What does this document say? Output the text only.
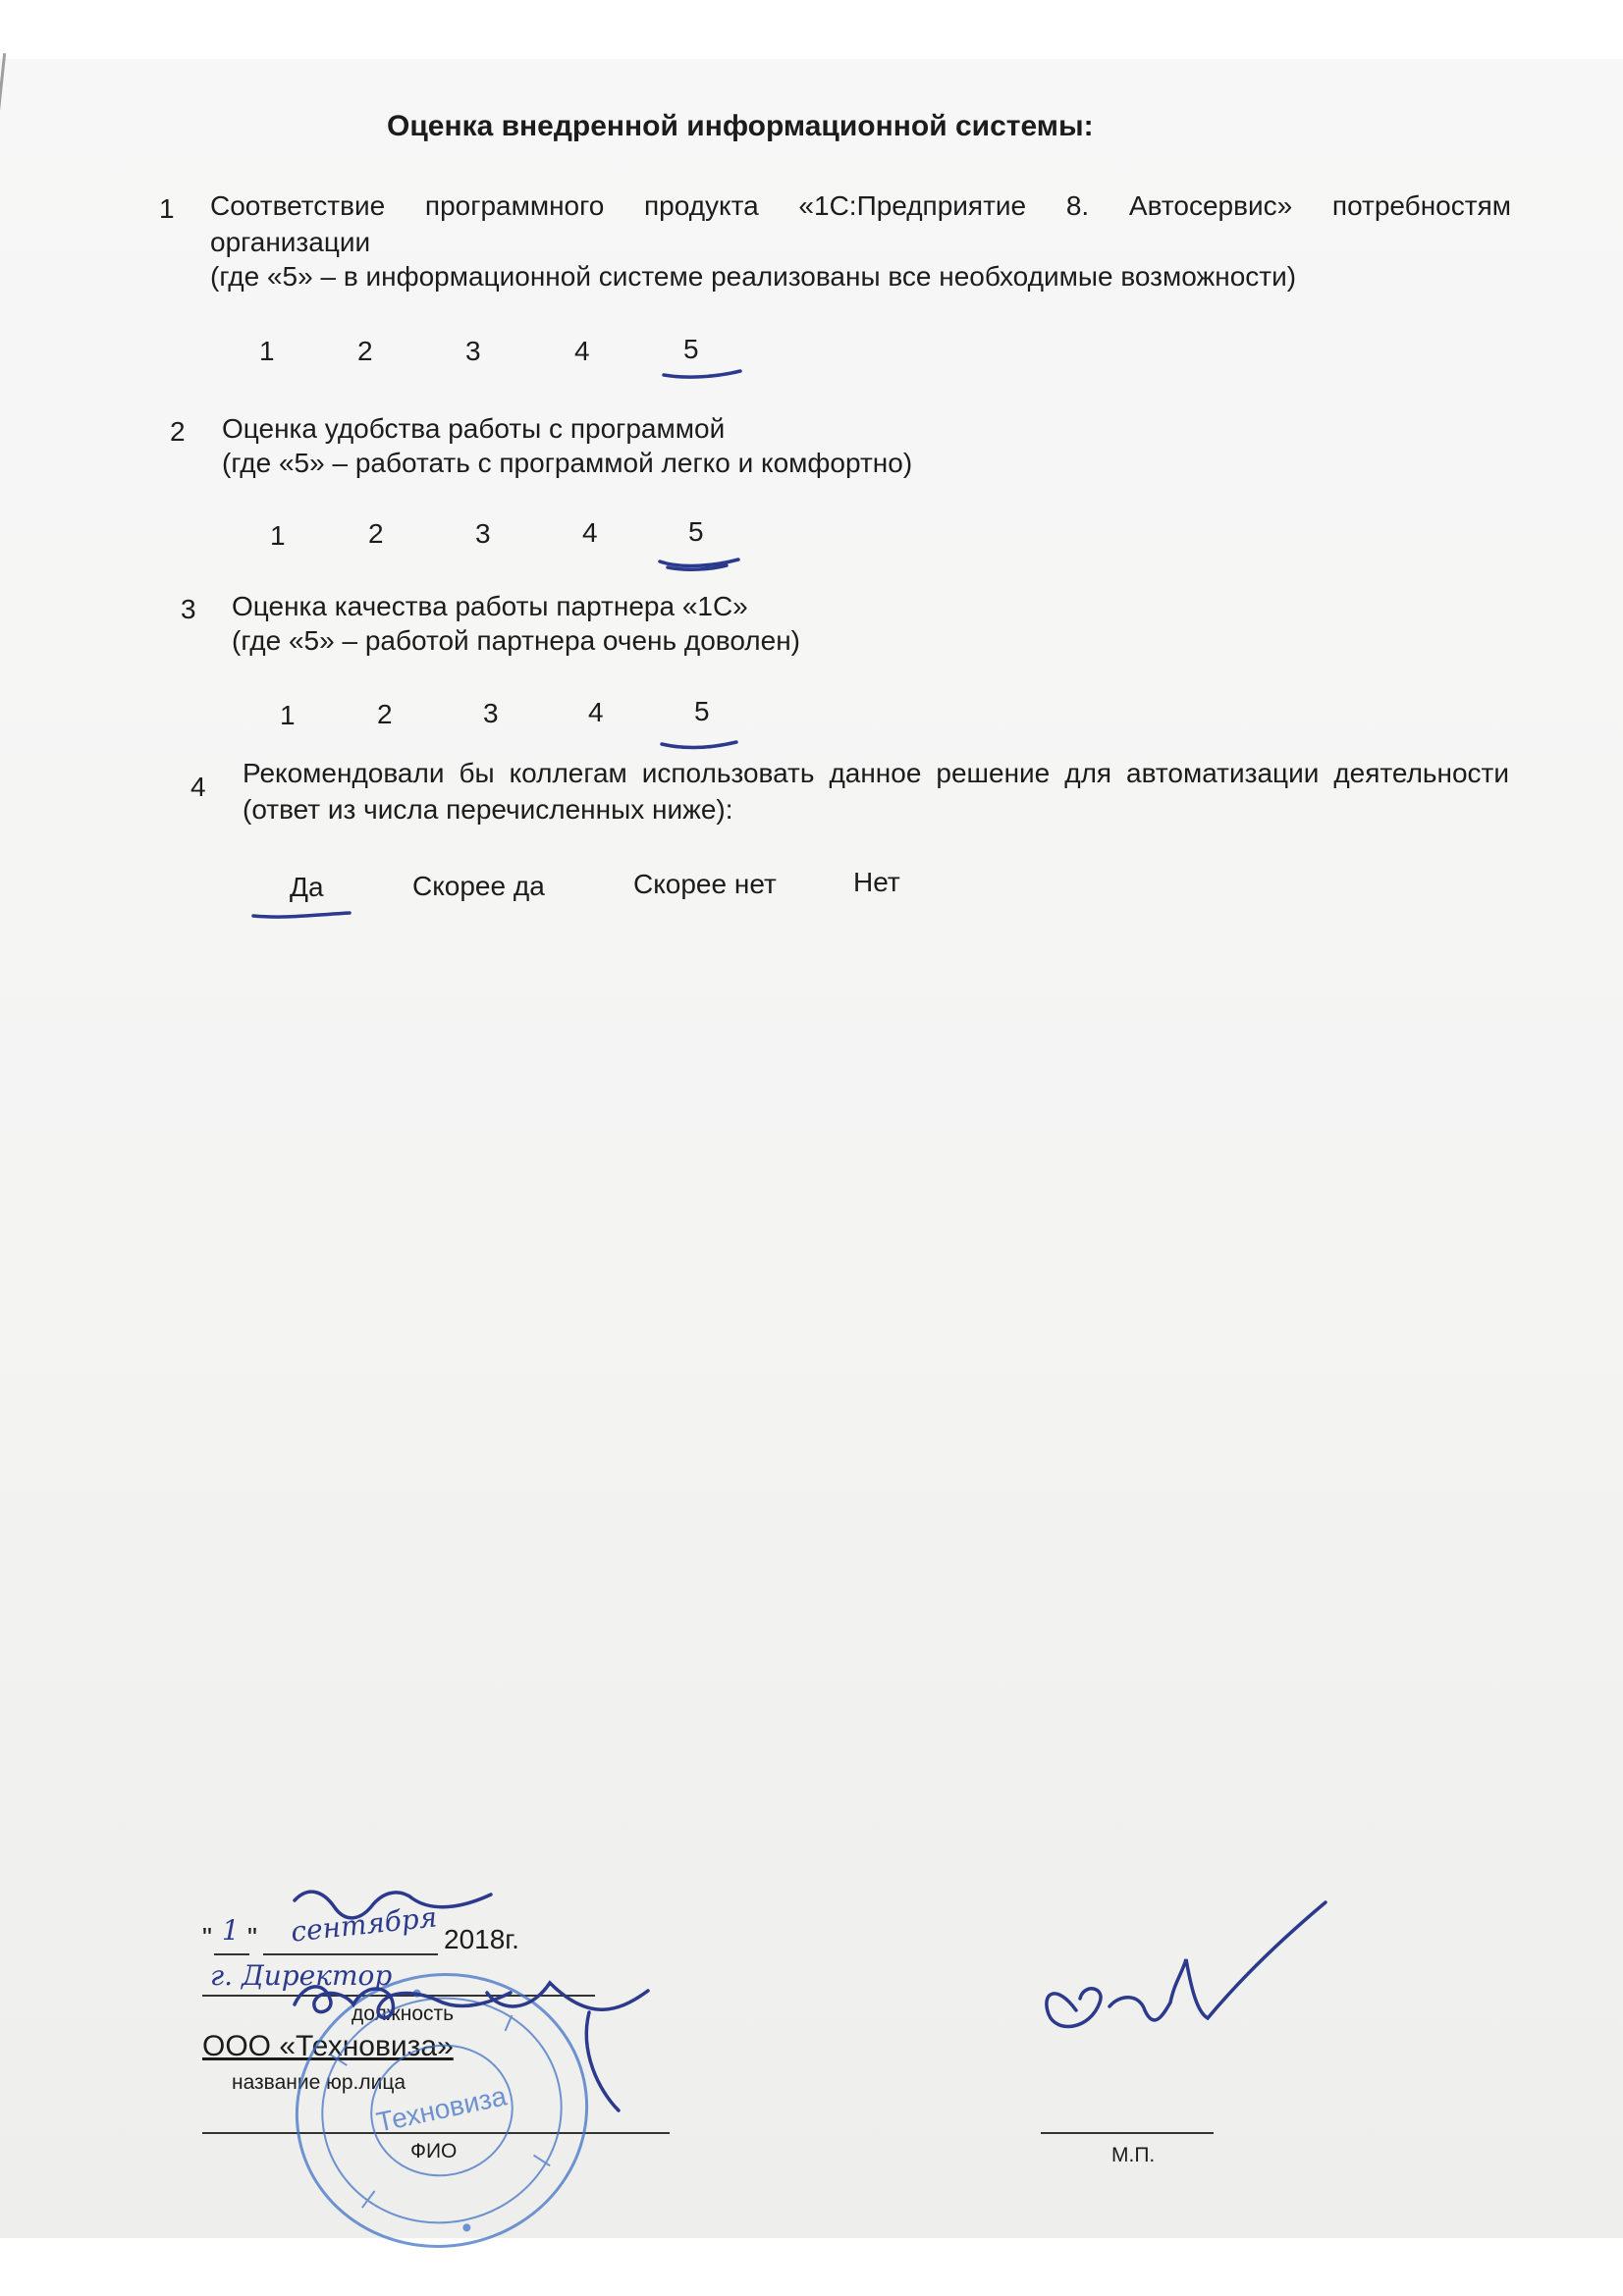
Оценка внедренной информационной системы:
1 Соответствие программного продукта «1С:Предприятие 8. Автосервис» потребностям
организации
(где «5» – в информационной системе реализованы все необходимые возможности)
1	2	3	4	5
2 Оценка удобства работы с программой
(где «5» – работать с программой легко и комфортно)
1	2	3	4	5
3 Оценка качества работы партнера «1С»
(где «5» – работой партнера очень доволен)
1	2	3	4	5
4 Рекомендовали бы коллегам использовать данное решение для автоматизации деятельности
(ответ из числа перечисленных ниже):
Да	Скорее да	Скорее нет	Нет
" 1 " сентября 2018г.
г. Директор
должность
ООО «Техновиза»
название юр.лица
ФИО	М.П.
Техновиза
